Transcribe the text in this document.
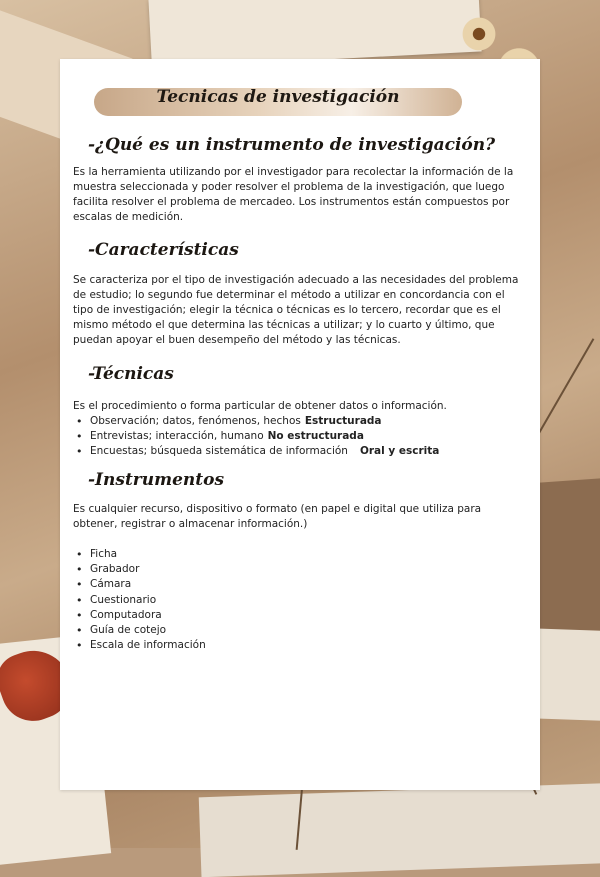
Tecnicas de investigación
-¿Qué es un instrumento de investigación?
Es la herramienta utilizando por el investigador para recolectar la información de la muestra seleccionada y poder resolver el problema de la investigación, que luego facilita resolver el problema de mercadeo. Los instrumentos están compuestos por escalas de medición.
-Características
Se caracteriza por el tipo de investigación adecuado a las necesidades del problema de estudio; lo segundo fue determinar el método a utilizar en concordancia con el tipo de investigación; elegir la técnica o técnicas es lo tercero, recordar que es el mismo método el que determina las técnicas a utilizar; y lo cuarto y último, que puedan apoyar el buen desempeño del método y las técnicas.
-Técnicas
Es el procedimiento o forma particular de obtener datos o información.
• Observación; datos, fenómenos, hechos Estructurada
• Entrevistas; interacción, humano No estructurada
• Encuestas; búsqueda sistemática de información Oral y escrita
-Instrumentos
Es cualquier recurso, dispositivo o formato (en papel e digital que utiliza para obtener, registrar o almacenar información.)
• Ficha
• Grabador
• Cámara
• Cuestionario
• Computadora
• Guía de cotejo
• Escala de información
